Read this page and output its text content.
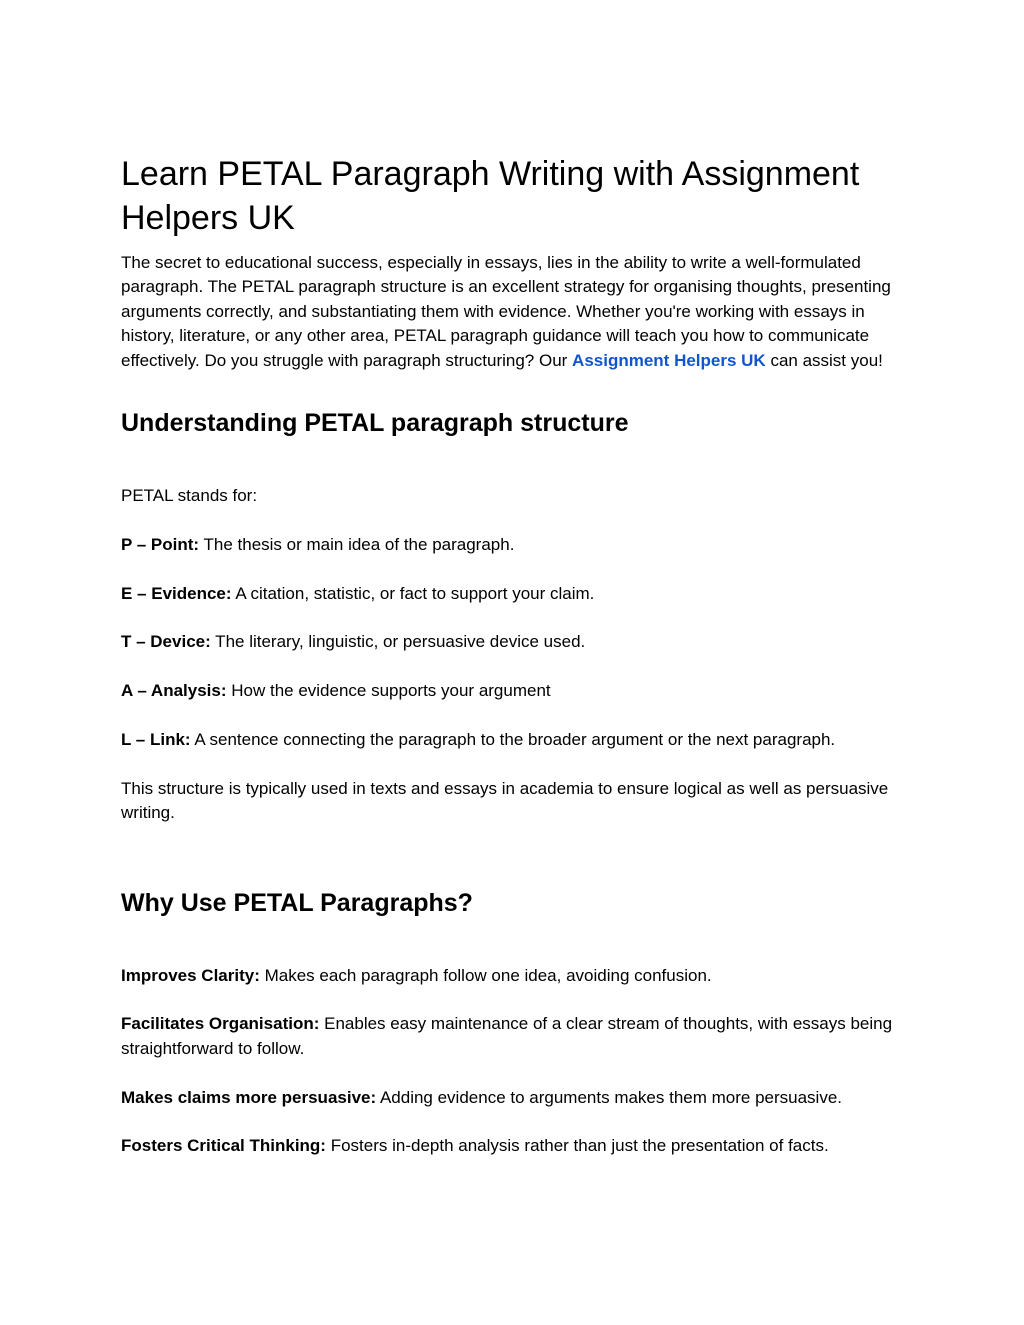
Learn PETAL Paragraph Writing with Assignment Helpers UK

The secret to educational success, especially in essays, lies in the ability to write a well-formulated paragraph. The PETAL paragraph structure is an excellent strategy for organising thoughts, presenting arguments correctly, and substantiating them with evidence. Whether you're working with essays in history, literature, or any other area, PETAL paragraph guidance will teach you how to communicate effectively. Do you struggle with paragraph structuring? Our Assignment Helpers UK can assist you!

Understanding PETAL paragraph structure

PETAL stands for:

P – Point: The thesis or main idea of the paragraph.

E – Evidence: A citation, statistic, or fact to support your claim.

T – Device: The literary, linguistic, or persuasive device used.

A – Analysis: How the evidence supports your argument

L – Link: A sentence connecting the paragraph to the broader argument or the next paragraph.

This structure is typically used in texts and essays in academia to ensure logical as well as persuasive writing.

Why Use PETAL Paragraphs?

Improves Clarity: Makes each paragraph follow one idea, avoiding confusion.

Facilitates Organisation: Enables easy maintenance of a clear stream of thoughts, with essays being straightforward to follow.

Makes claims more persuasive: Adding evidence to arguments makes them more persuasive.

Fosters Critical Thinking: Fosters in-depth analysis rather than just the presentation of facts.
